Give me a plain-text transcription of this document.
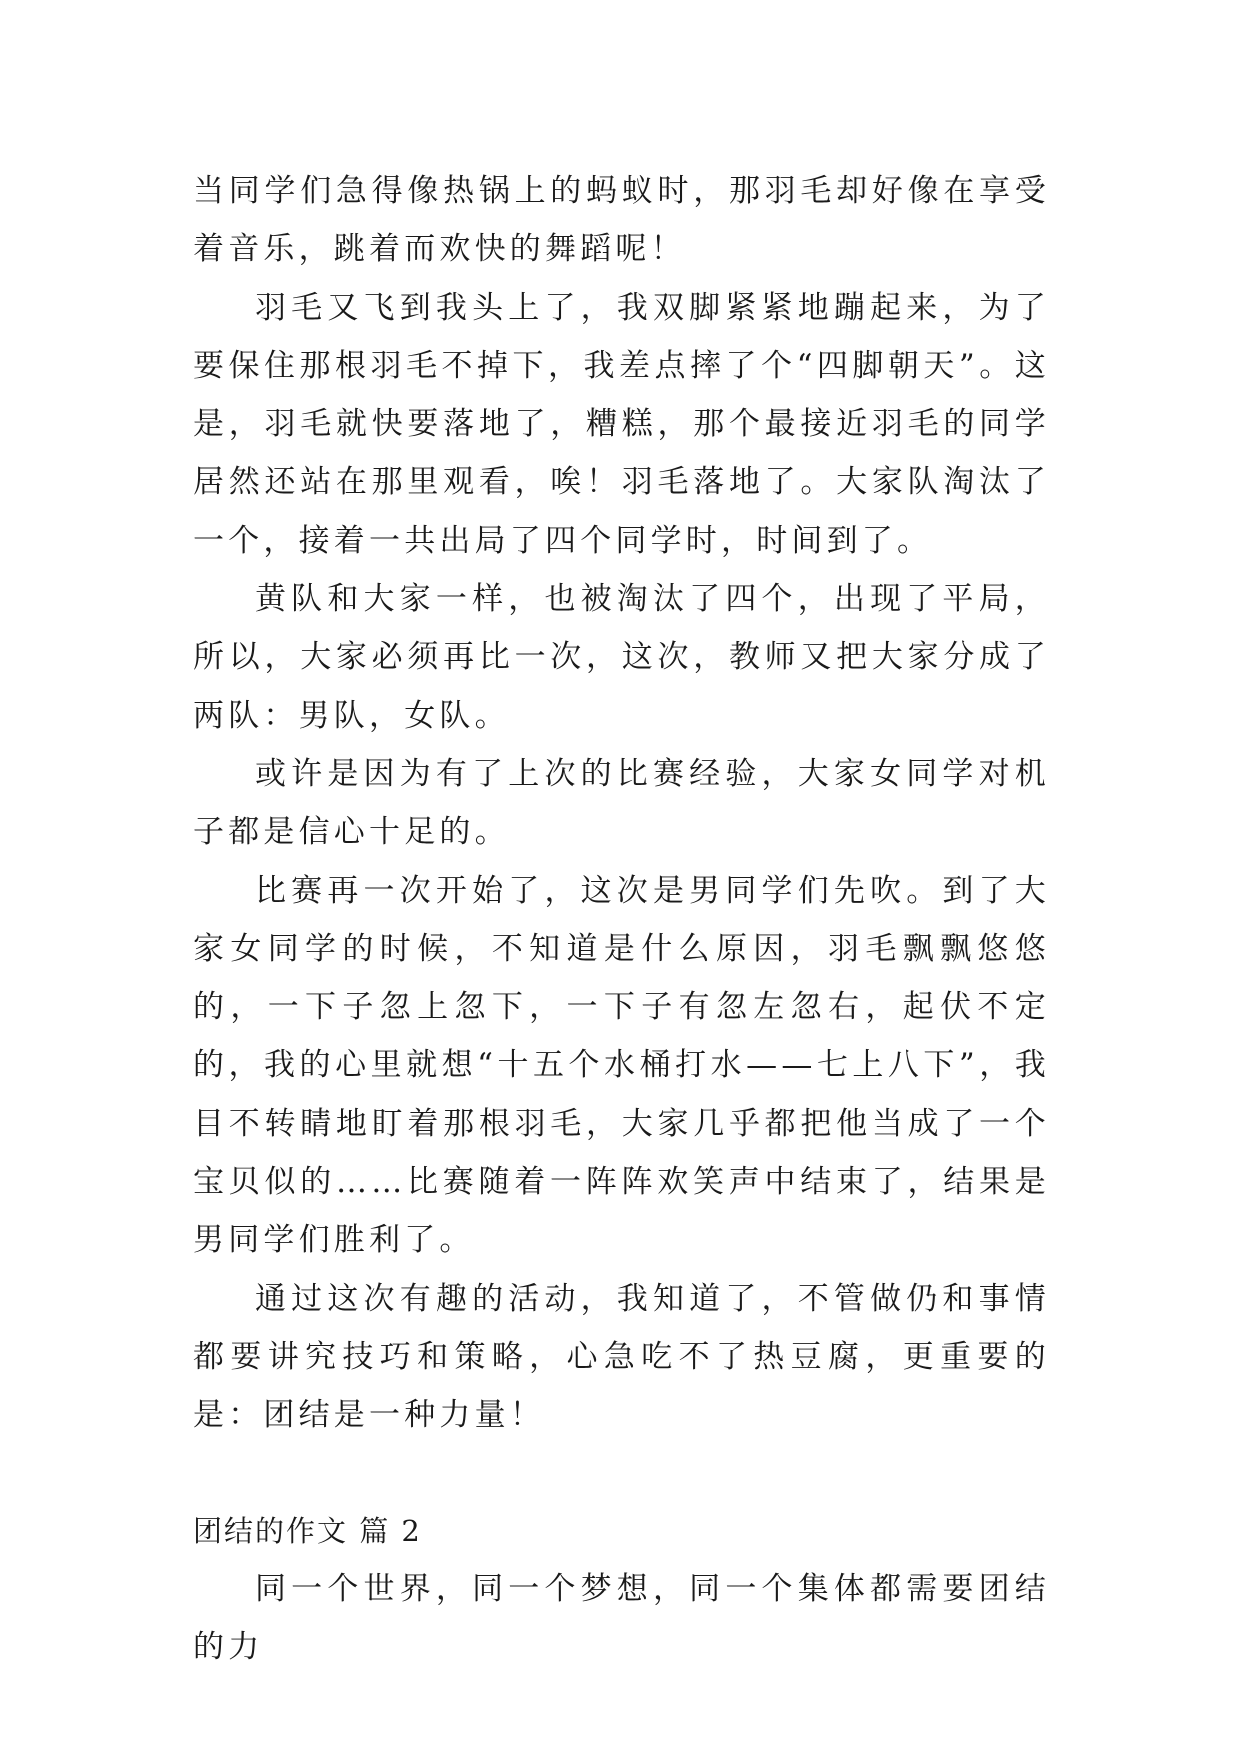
当同学们急得像热锅上的蚂蚁时，那羽毛却好像在享受着音乐，跳着而欢快的舞蹈呢！

羽毛又飞到我头上了，我双脚紧紧地蹦起来，为了要保住那根羽毛不掉下，我差点摔了个“四脚朝天”。这是，羽毛就快要落地了，糟糕，那个最接近羽毛的同学居然还站在那里观看，唉！羽毛落地了。大家队淘汰了一个，接着一共出局了四个同学时，时间到了。

黄队和大家一样，也被淘汰了四个，出现了平局，所以，大家必须再比一次，这次，教师又把大家分成了两队：男队，女队。

或许是因为有了上次的比赛经验，大家女同学对机子都是信心十足的。

比赛再一次开始了，这次是男同学们先吹。到了大家女同学的时候，不知道是什么原因，羽毛飘飘悠悠的，一下子忽上忽下，一下子有忽左忽右，起伏不定的，我的心里就想“十五个水桶打水——七上八下”，我目不转睛地盯着那根羽毛，大家几乎都把他当成了一个宝贝似的……比赛随着一阵阵欢笑声中结束了，结果是男同学们胜利了。

通过这次有趣的活动，我知道了，不管做仍和事情都要讲究技巧和策略，心急吃不了热豆腐，更重要的是：团结是一种力量！

团结的作文 篇 2

同一个世界，同一个梦想，同一个集体都需要团结的力
